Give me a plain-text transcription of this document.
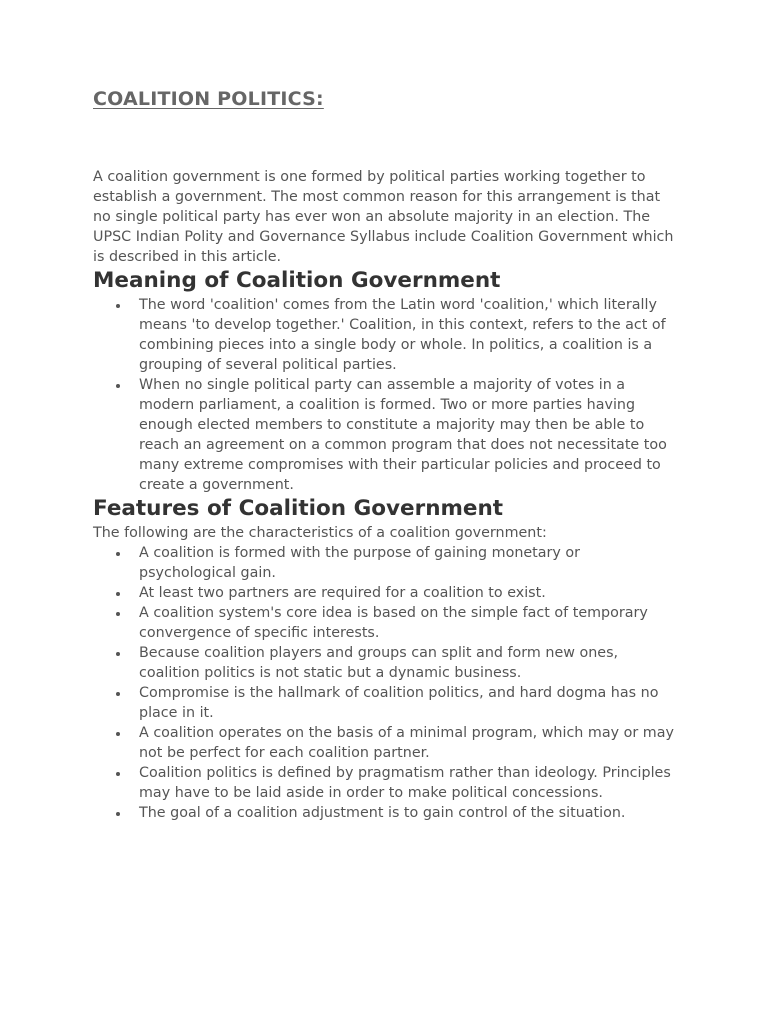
COALITION POLITICS:

A coalition government is one formed by political parties working together to establish a government. The most common reason for this arrangement is that no single political party has ever won an absolute majority in an election. The UPSC Indian Polity and Governance Syllabus include Coalition Government which is described in this article.

Meaning of Coalition Government
The word 'coalition' comes from the Latin word 'coalition,' which literally means 'to develop together.' Coalition, in this context, refers to the act of combining pieces into a single body or whole. In politics, a coalition is a grouping of several political parties.
When no single political party can assemble a majority of votes in a modern parliament, a coalition is formed. Two or more parties having enough elected members to constitute a majority may then be able to reach an agreement on a common program that does not necessitate too many extreme compromises with their particular policies and proceed to create a government.
Features of Coalition Government

The following are the characteristics of a coalition government:

A coalition is formed with the purpose of gaining monetary or psychological gain.
At least two partners are required for a coalition to exist.
A coalition system's core idea is based on the simple fact of temporary convergence of specific interests.
Because coalition players and groups can split and form new ones, coalition politics is not static but a dynamic business.
Compromise is the hallmark of coalition politics, and hard dogma has no place in it.
A coalition operates on the basis of a minimal program, which may or may not be perfect for each coalition partner.
Coalition politics is defined by pragmatism rather than ideology. Principles may have to be laid aside in order to make political concessions.
The goal of a coalition adjustment is to gain control of the situation.
